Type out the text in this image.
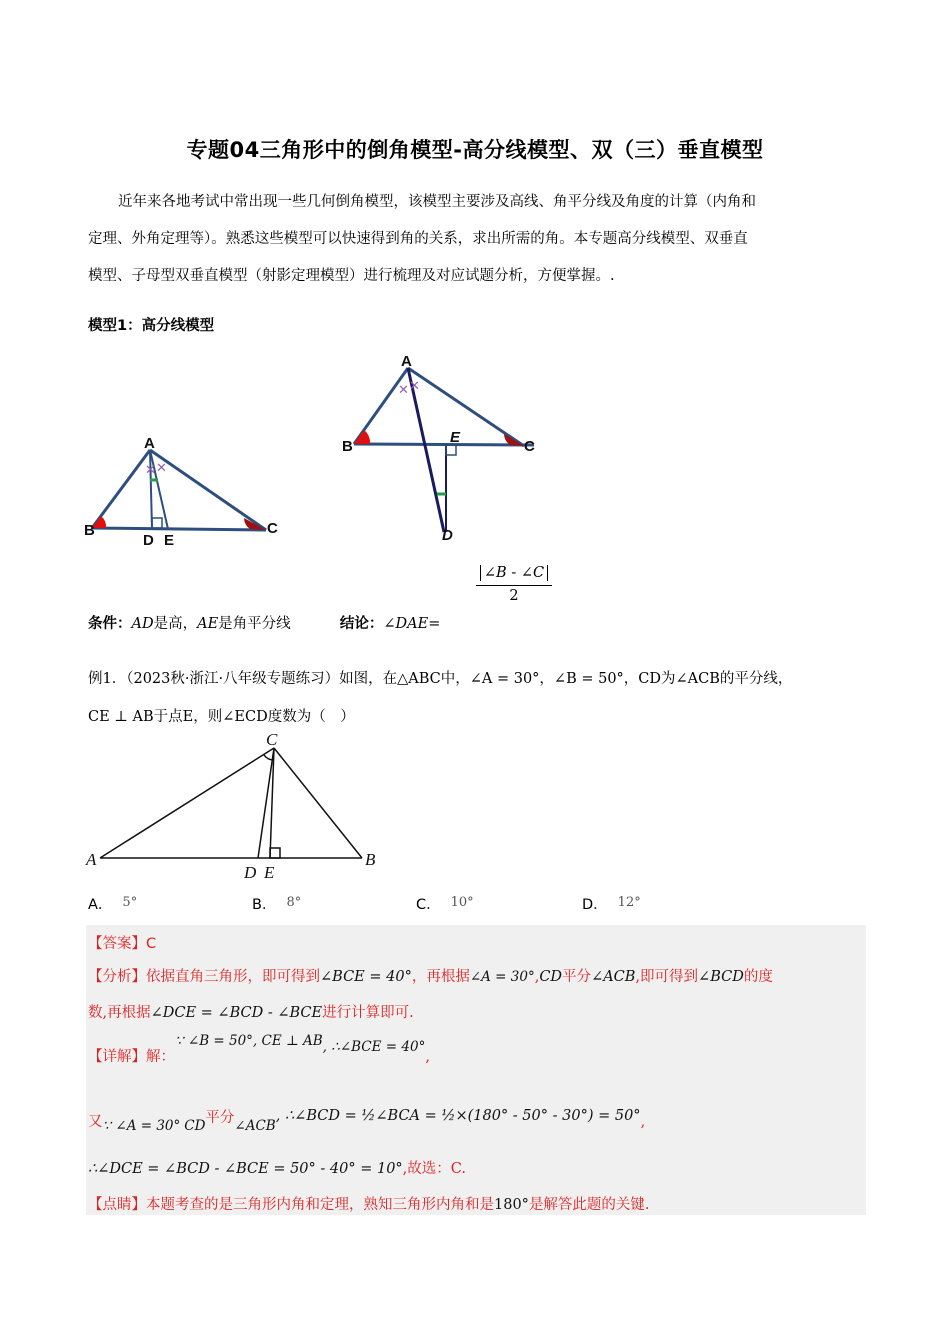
专题04三角形中的倒角模型-高分线模型、双（三）垂直模型
近年来各地考试中常出现一些几何倒角模型，该模型主要涉及高线、角平分线及角度的计算（内角和
定理、外角定理等）。熟悉这些模型可以快速得到角的关系，求出所需的角。本专题高分线模型、双垂直
模型、子母型双垂直模型（射影定理模型）进行梳理及对应试题分析，方便掌握。.
模型1：高分线模型
✕ ✕
A
B	C
D E
✕ ✕
A
B	C
D
E
∠B - ∠C
2
条件：AD是高，AE是角平分线	结论：∠DAE=
例1．（2023秋·浙江·八年级专题练习）如图，在△ABC中，∠A = 30°，∠B = 50°，CD为∠ACB的平分线，
CE ⊥ AB于点E，则∠ECD度数为（　）
C
A	B
D E
A． 5°	B． 8°	C． 10°	D． 12°
【答案】C
【分析】依据直角三角形，即可得到∠BCE = 40°，再根据∠A = 30°,CD平分∠ACB,即可得到∠BCD的度
数,再根据∠DCE = ∠BCD - ∠BCE进行计算即可.
【详解】解：∵ ∠B = 50°, CE ⊥ AB, ∴∠BCE = 40°,
又∵ ∠A = 30° CD平分∠ACB, ∴∠BCD = ½∠BCA = ½×(180° - 50° - 30°) = 50°,
∴∠DCE = ∠BCD - ∠BCE = 50° - 40° = 10°,故选：C.
【点睛】本题考查的是三角形内角和定理，熟知三角形内角和是180°是解答此题的关键.
